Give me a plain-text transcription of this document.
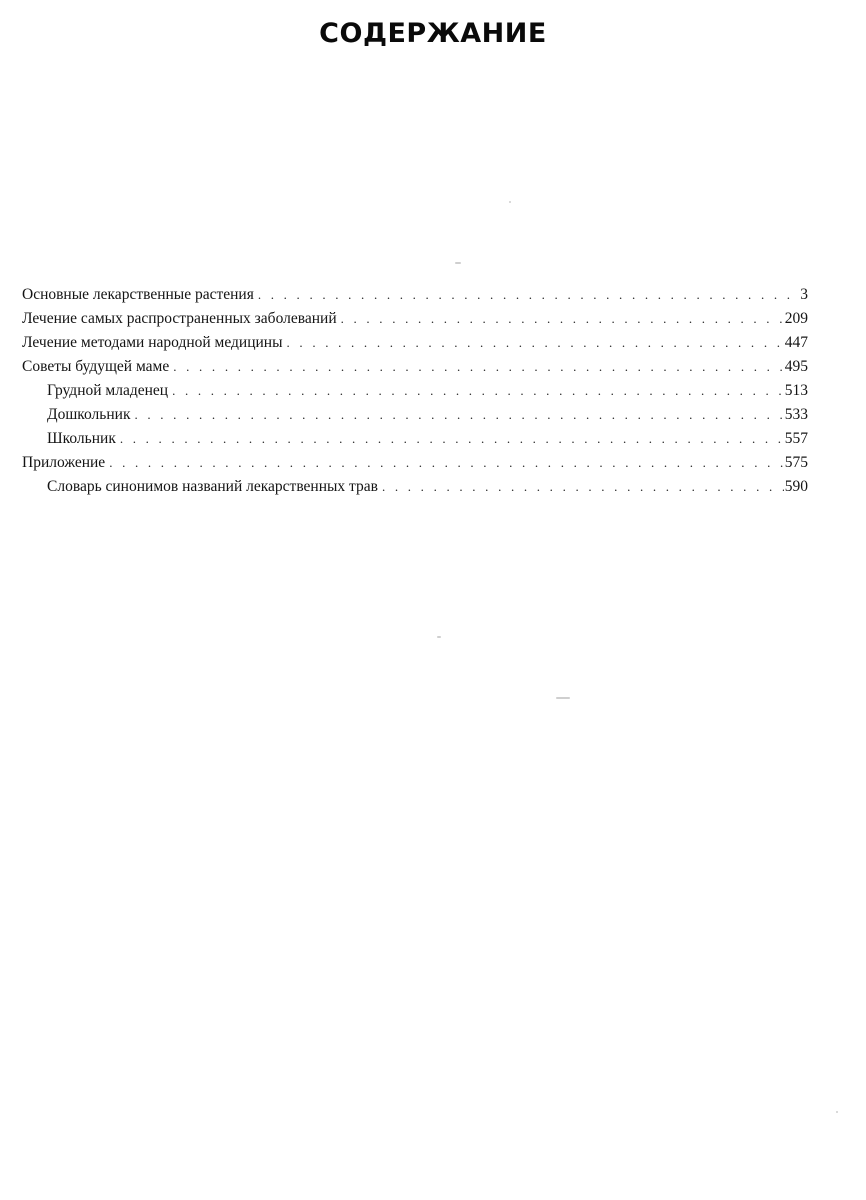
СОДЕРЖАНИЕ
Основные лекарственные растения . . .	3
Лечение самых распространенных заболеваний . . .	209
Лечение методами народной медицины . . .	447
Советы будущей маме . . .	495
Грудной младенец . . .	513
Дошкольник . . .	533
Школьник . . .	557
Приложение . . .	575
Словарь синонимов названий лекарственных трав . . .	590
